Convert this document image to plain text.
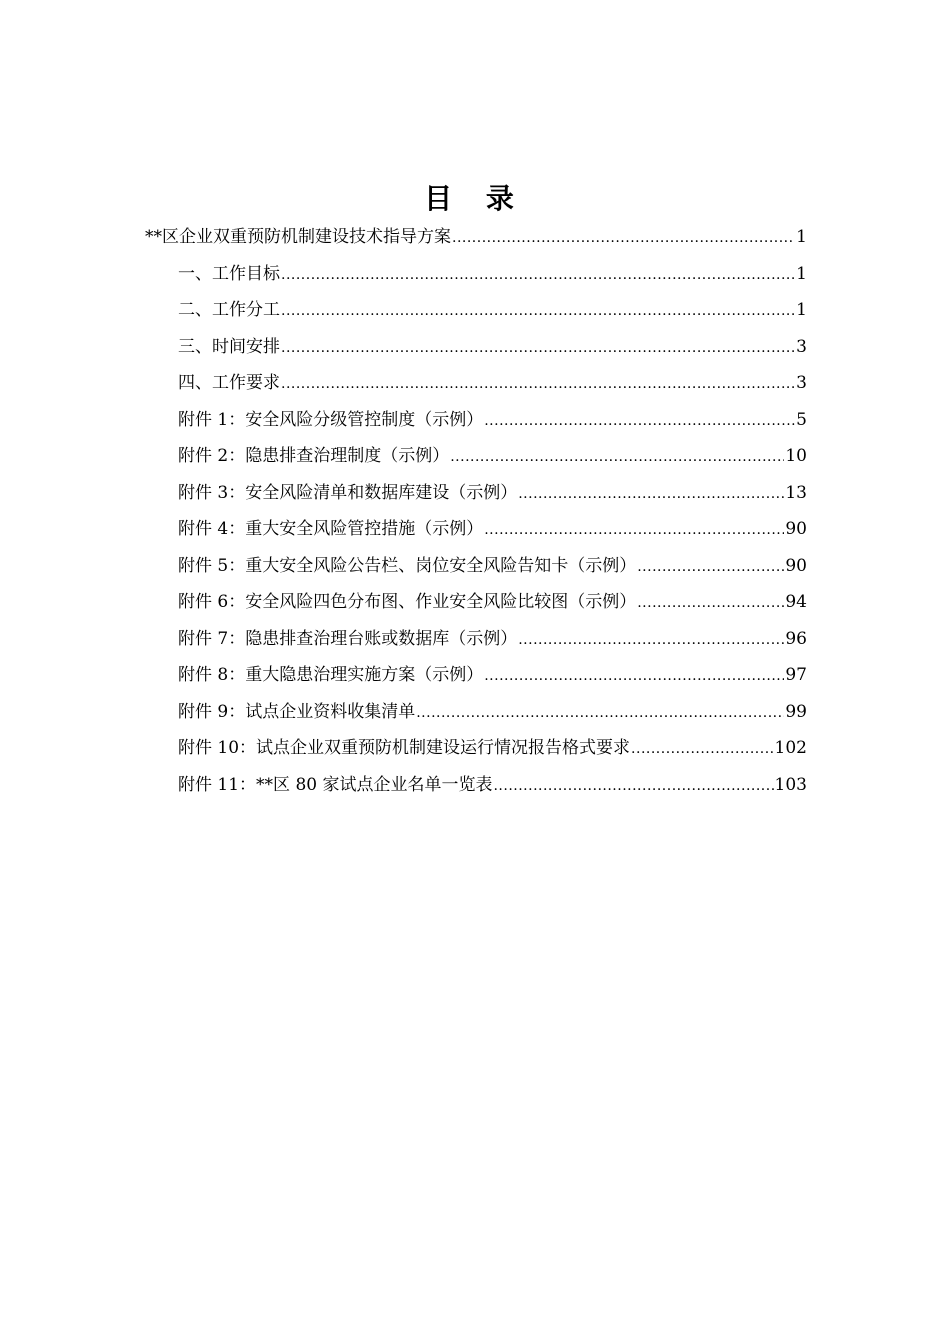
目 录
**区企业双重预防机制建设技术指导方案 .....	1
一、工作目标 .....	1
二、工作分工 .....	1
三、时间安排 .....	3
四、工作要求 .....	3
附件 1：安全风险分级管控制度（示例） .....	5
附件 2：隐患排查治理制度（示例） .....	10
附件 3：安全风险清单和数据库建设（示例） .....	13
附件 4：重大安全风险管控措施（示例） .....	90
附件 5：重大安全风险公告栏、岗位安全风险告知卡（示例） .....	90
附件 6：安全风险四色分布图、作业安全风险比较图（示例） .....	94
附件 7：隐患排查治理台账或数据库（示例） .....	96
附件 8：重大隐患治理实施方案（示例） .....	97
附件 9：试点企业资料收集清单 .....	99
附件 10：试点企业双重预防机制建设运行情况报告格式要求 .....	102
附件 11：**区 80 家试点企业名单一览表 .....	103
